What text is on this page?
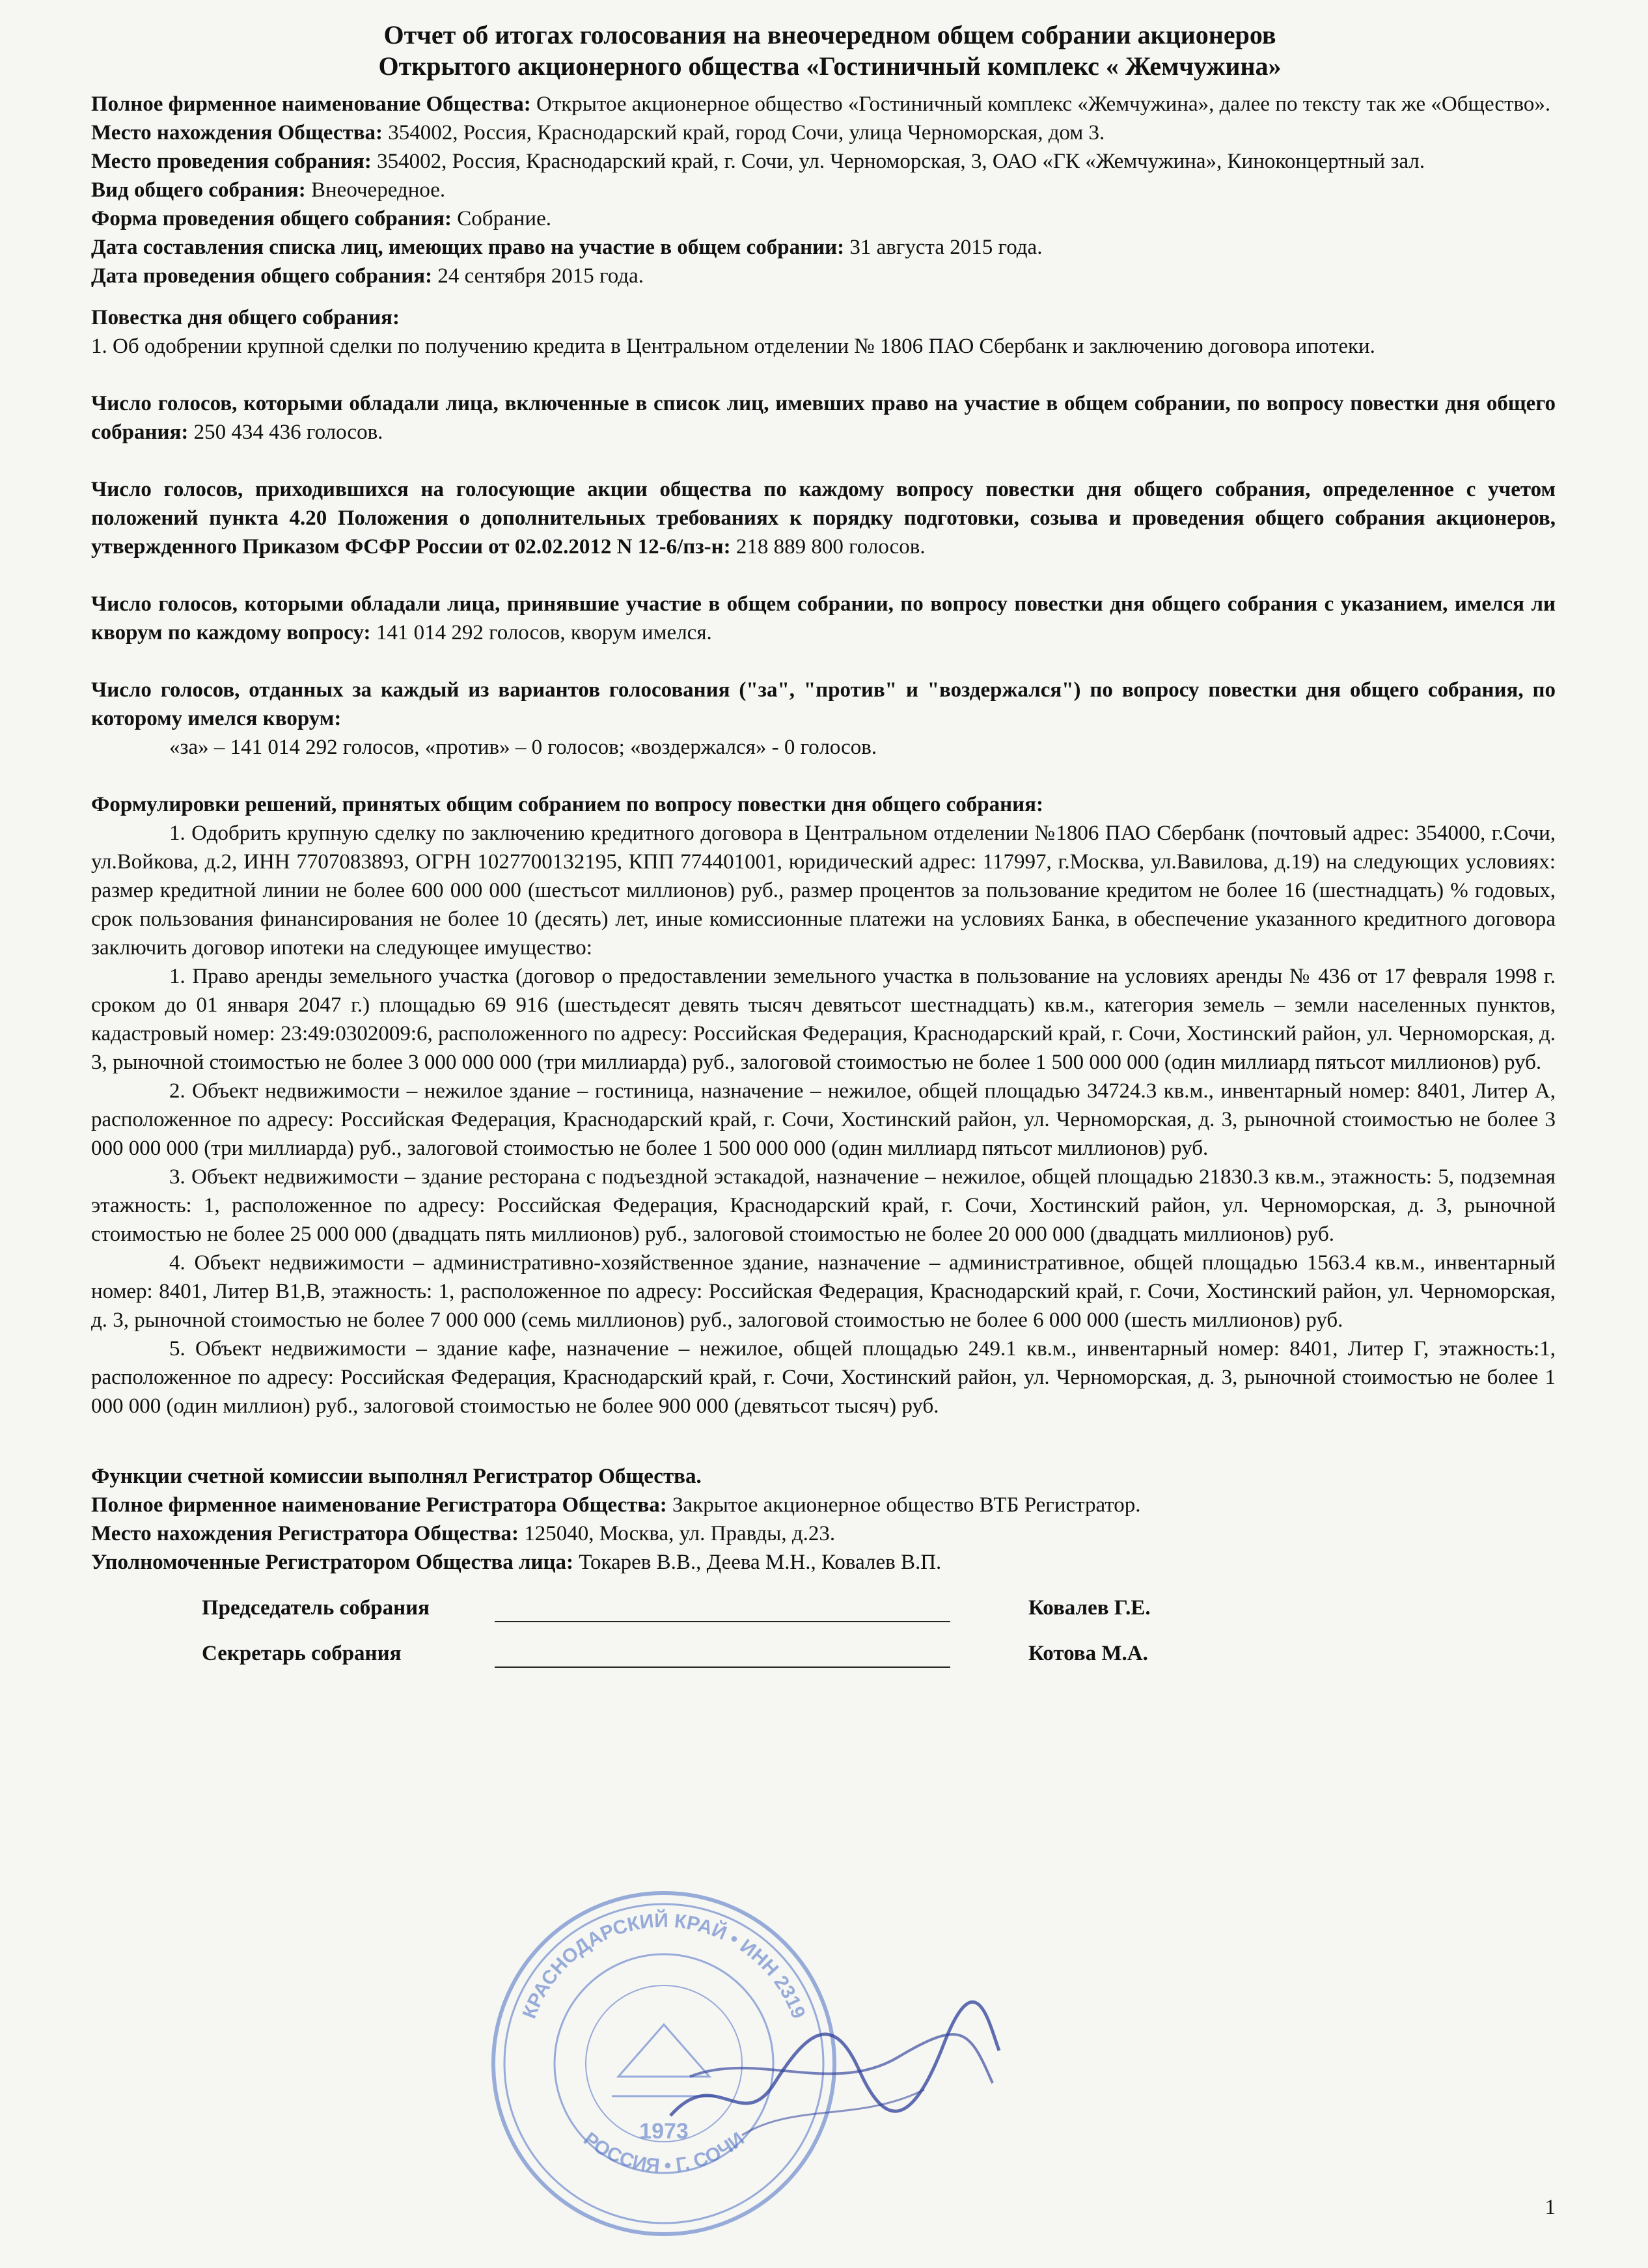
Отчет об итогах голосования на внеочередном общем собрании акционеров
Открытого акционерного общества «Гостиничный комплекс « Жемчужина»

Полное фирменное наименование Общества: Открытое акционерное общество «Гостиничный комплекс «Жемчужина», далее по тексту так же «Общество».

Место нахождения Общества: 354002, Россия, Краснодарский край, город Сочи, улица Черноморская, дом 3.

Место проведения собрания: 354002, Россия, Краснодарский край, г. Сочи, ул. Черноморская, 3, ОАО «ГК «Жемчужина», Киноконцертный зал.

Вид общего собрания: Внеочередное.

Форма проведения общего собрания: Собрание.

Дата составления списка лиц, имеющих право на участие в общем собрании: 31 августа 2015 года.

Дата проведения общего собрания: 24 сентября 2015 года.

Повестка дня общего собрания:

1. Об одобрении крупной сделки по получению кредита в Центральном отделении № 1806 ПАО Сбербанк и заключению договора ипотеки.

Число голосов, которыми обладали лица, включенные в список лиц, имевших право на участие в общем собрании, по вопросу повестки дня общего собрания: 250 434 436 голосов.

Число голосов, приходившихся на голосующие акции общества по каждому вопросу повестки дня общего собрания, определенное с учетом положений пункта 4.20 Положения о дополнительных требованиях к порядку подготовки, созыва и проведения общего собрания акционеров, утвержденного Приказом ФСФР России от 02.02.2012 N 12-6/пз-н: 218 889 800 голосов.

Число голосов, которыми обладали лица, принявшие участие в общем собрании, по вопросу повестки дня общего собрания с указанием, имелся ли кворум по каждому вопросу: 141 014 292 голосов, кворум имелся.

Число голосов, отданных за каждый из вариантов голосования ("за", "против" и "воздержался") по вопросу повестки дня общего собрания, по которому имелся кворум:

«за» – 141 014 292 голосов, «против» – 0 голосов; «воздержался» - 0 голосов.

Формулировки решений, принятых общим собранием по вопросу повестки дня общего собрания:

1. Одобрить крупную сделку по заключению кредитного договора в Центральном отделении №1806 ПАО Сбербанк (почтовый адрес: 354000, г.Сочи, ул.Войкова, д.2, ИНН 7707083893, ОГРН 1027700132195, КПП 774401001, юридический адрес: 117997, г.Москва, ул.Вавилова, д.19) на следующих условиях: размер кредитной линии не более 600 000 000 (шестьсот миллионов) руб., размер процентов за пользование кредитом не более 16 (шестнадцать) % годовых, срок пользования финансирования не более 10 (десять) лет, иные комиссионные платежи на условиях Банка, в обеспечение указанного кредитного договора заключить договор ипотеки на следующее имущество:

1. Право аренды земельного участка (договор о предоставлении земельного участка в пользование на условиях аренды № 436 от 17 февраля 1998 г. сроком до 01 января 2047 г.) площадью 69 916 (шестьдесят девять тысяч девятьсот шестнадцать) кв.м., категория земель – земли населенных пунктов, кадастровый номер: 23:49:0302009:6, расположенного по адресу: Российская Федерация, Краснодарский край, г. Сочи, Хостинский район, ул. Черноморская, д. 3, рыночной стоимостью не более 3 000 000 000 (три миллиарда) руб., залоговой стоимостью не более 1 500 000 000 (один миллиард пятьсот миллионов) руб.

2. Объект недвижимости – нежилое здание – гостиница, назначение – нежилое, общей площадью 34724.3 кв.м., инвентарный номер: 8401, Литер А, расположенное по адресу: Российская Федерация, Краснодарский край, г. Сочи, Хостинский район, ул. Черноморская, д. 3, рыночной стоимостью не более 3 000 000 000 (три миллиарда) руб., залоговой стоимостью не более 1 500 000 000 (один миллиард пятьсот миллионов) руб.

3. Объект недвижимости – здание ресторана с подъездной эстакадой, назначение – нежилое, общей площадью 21830.3 кв.м., этажность: 5, подземная этажность: 1, расположенное по адресу: Российская Федерация, Краснодарский край, г. Сочи, Хостинский район, ул. Черноморская, д. 3, рыночной стоимостью не более 25 000 000 (двадцать пять миллионов) руб., залоговой стоимостью не более 20 000 000 (двадцать миллионов) руб.

4. Объект недвижимости – административно-хозяйственное здание, назначение – административное, общей площадью 1563.4 кв.м., инвентарный номер: 8401, Литер В1,В, этажность: 1, расположенное по адресу: Российская Федерация, Краснодарский край, г. Сочи, Хостинский район, ул. Черноморская, д. 3, рыночной стоимостью не более 7 000 000 (семь миллионов) руб., залоговой стоимостью не более 6 000 000 (шесть миллионов) руб.

5. Объект недвижимости – здание кафе, назначение – нежилое, общей площадью 249.1 кв.м., инвентарный номер: 8401, Литер Г, этажность:1, расположенное по адресу: Российская Федерация, Краснодарский край, г. Сочи, Хостинский район, ул. Черноморская, д. 3, рыночной стоимостью не более 1 000 000 (один миллион) руб., залоговой стоимостью не более 900 000 (девятьсот тысяч) руб.

Функции счетной комиссии выполнял Регистратор Общества.

Полное фирменное наименование Регистратора Общества: Закрытое акционерное общество ВТБ Регистратор.

Место нахождения Регистратора Общества: 125040, Москва, ул. Правды, д.23.

Уполномоченные Регистратором Общества лица: Токарев В.В., Деева М.Н., Ковалев В.П.

Председатель собрания	Ковалев Г.Е.
Секретарь собрания	Котова М.А.
1
КРАСНОДАРСКИЙ КРАЙ • ИНН 2319
РОССИЯ • Г. СОЧИ
1973
